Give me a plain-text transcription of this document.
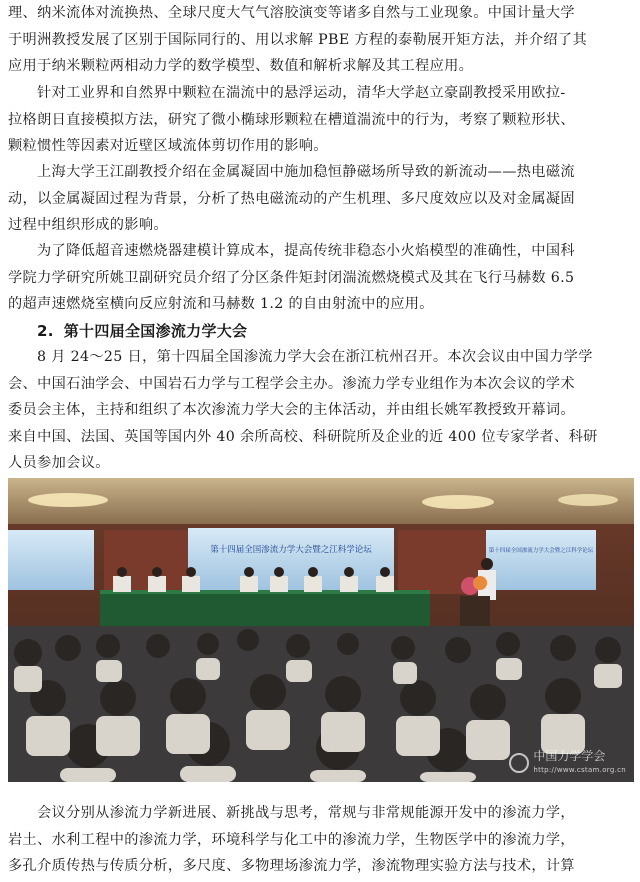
理、纳米流体对流换热、全球尺度大气气溶胶演变等诸多自然与工业现象。中国计量大学
于明洲教授发展了区别于国际同行的、用以求解 PBE 方程的泰勒展开矩方法，并介绍了其
应用于纳米颗粒两相动力学的数学模型、数值和解析求解及其工程应用。
针对工业界和自然界中颗粒在湍流中的悬浮运动，清华大学赵立豪副教授采用欧拉-
拉格朗日直接模拟方法，研究了微小椭球形颗粒在槽道湍流中的行为，考察了颗粒形状、
颗粒惯性等因素对近壁区域流体剪切作用的影响。
上海大学王江副教授介绍在金属凝固中施加稳恒静磁场所导致的新流动——热电磁流
动，以金属凝固过程为背景，分析了热电磁流动的产生机理、多尺度效应以及对金属凝固
过程中组织形成的影响。
为了降低超音速燃烧器建模计算成本，提高传统非稳态小火焰模型的准确性，中国科
学院力学研究所姚卫副研究员介绍了分区条件矩封闭湍流燃烧模式及其在飞行马赫数 6.5
的超声速燃烧室横向反应射流和马赫数 1.2 的自由射流中的应用。
2. 第十四届全国渗流力学大会
8 月 24～25 日，第十四届全国渗流力学大会在浙江杭州召开。本次会议由中国力学学
会、中国石油学会、中国岩石力学与工程学会主办。渗流力学专业组作为本次会议的学术
委员会主体，主持和组织了本次渗流力学大会的主体活动，并由组长姚军教授致开幕词。
来自中国、法国、英国等国内外 40 余所高校、科研院所及企业的近 400 位专家学者、科研
人员参加会议。
第十四届全国渗流力学大会暨之江科学论坛	第十四届全国渗流力学大会暨之江科学论坛
中国力学学会
http://www.cstam.org.cn
会议分别从渗流力学新进展、新挑战与思考，常规与非常规能源开发中的渗流力学，
岩土、水利工程中的渗流力学，环境科学与化工中的渗流力学，生物医学中的渗流力学，
多孔介质传热与传质分析，多尺度、多物理场渗流力学，渗流物理实验方法与技术，计算
